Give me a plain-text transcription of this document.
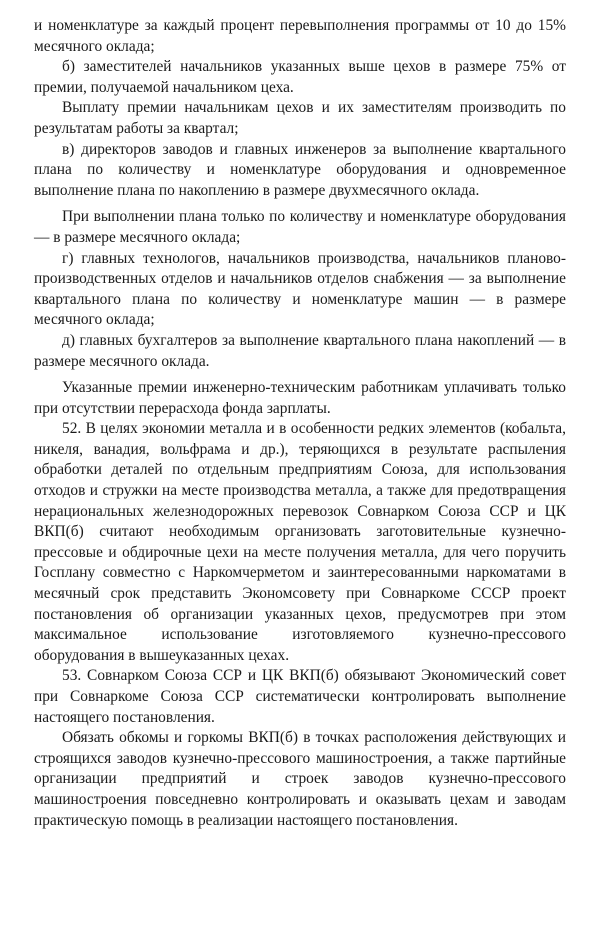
и номенклатуре за каждый процент перевыполнения программы от 10 до 15% месячного оклада;

б) заместителей начальников указанных выше цехов в размере 75% от премии, получаемой начальником цеха.

Выплату премии начальникам цехов и их заместителям производить по результатам работы за квартал;

в) директоров заводов и главных инженеров за выполнение квартального плана по количеству и номенклатуре оборудования и одновременное выполнение плана по накоплению в размере двухмесячного оклада.

При выполнении плана только по количеству и номенклатуре оборудования — в размере месячного оклада;

г) главных технологов, начальников производства, начальников планово-производственных отделов и начальников отделов снабжения — за выполнение квартального плана по количеству и номенклатуре машин — в размере месячного оклада;

д) главных бухгалтеров за выполнение квартального плана накоплений — в размере месячного оклада.

Указанные премии инженерно-техническим работникам уплачивать только при отсутствии перерасхода фонда зарплаты.

52. В целях экономии металла и в особенности редких элементов (кобальта, никеля, ванадия, вольфрама и др.), теряющихся в результате распыления обработки деталей по отдельным предприятиям Союза, для использования отходов и стружки на месте производства металла, а также для предотвращения нерациональных железнодорожных перевозок Совнарком Союза ССР и ЦК ВКП(б) считают необходимым организовать заготовительные кузнечно-прессовые и обдирочные цехи на месте получения металла, для чего поручить Госплану совместно с Наркомчерметом и заинтересованными наркоматами в месячный срок представить Экономсовету при Совнаркоме СССР проект постановления об организации указанных цехов, предусмотрев при этом максимальное использование изготовляемого кузнечно-прессового оборудования в вышеуказанных цехах.

53. Совнарком Союза ССР и ЦК ВКП(б) обязывают Экономический совет при Совнаркоме Союза ССР систематически контролировать выполнение настоящего постановления.

Обязать обкомы и горкомы ВКП(б) в точках расположения действующих и строящихся заводов кузнечно-прессового машиностроения, а также партийные организации предприятий и строек заводов кузнечно-прессового машиностроения повседневно контролировать и оказывать цехам и заводам практическую помощь в реализации настоящего постановления.
